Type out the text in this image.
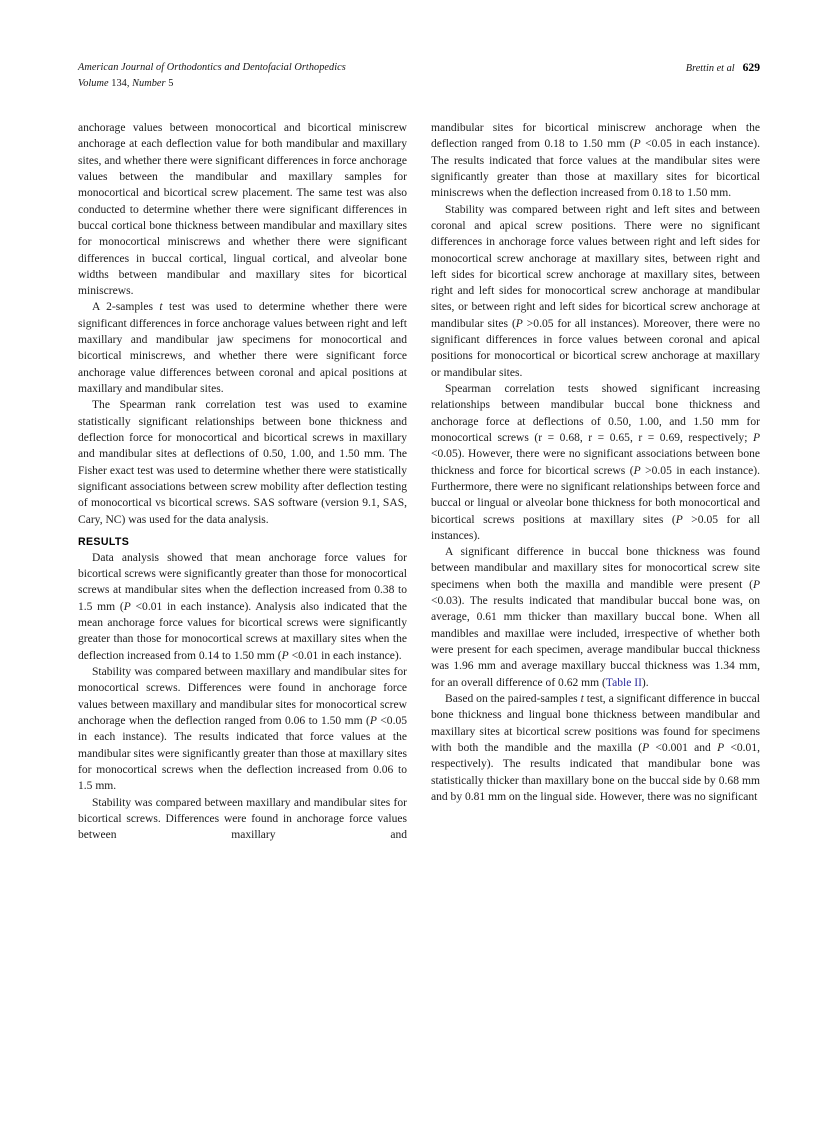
American Journal of Orthodontics and Dentofacial Orthopedics
Volume 134, Number 5
Brettin et al 629

anchorage values between monocortical and bicortical miniscrew anchorage at each deflection value for both mandibular and maxillary sites, and whether there were significant differences in force anchorage values between the mandibular and maxillary samples for monocortical and bicortical screw placement. The same test was also conducted to determine whether there were significant differences in buccal cortical bone thickness between mandibular and maxillary sites for monocortical miniscrews and whether there were significant differences in buccal cortical, lingual cortical, and alveolar bone widths between mandibular and maxillary sites for bicortical miniscrews.

A 2-samples t test was used to determine whether there were significant differences in force anchorage values between right and left maxillary and mandibular jaw specimens for monocortical and bicortical miniscrews, and whether there were significant force anchorage value differences between coronal and apical positions at maxillary and mandibular sites.

The Spearman rank correlation test was used to examine statistically significant relationships between bone thickness and deflection force for monocortical and bicortical screws in maxillary and mandibular sites at deflections of 0.50, 1.00, and 1.50 mm. The Fisher exact test was used to determine whether there were statistically significant associations between screw mobility after deflection testing of monocortical vs bicortical screws. SAS software (version 9.1, SAS, Cary, NC) was used for the data analysis.

RESULTS

Data analysis showed that mean anchorage force values for bicortical screws were significantly greater than those for monocortical screws at mandibular sites when the deflection increased from 0.38 to 1.5 mm (P <0.01 in each instance). Analysis also indicated that the mean anchorage force values for bicortical screws were significantly greater than those for monocortical screws at maxillary sites when the deflection increased from 0.14 to 1.50 mm (P <0.01 in each instance).

Stability was compared between maxillary and mandibular sites for monocortical screws. Differences were found in anchorage force values between maxillary and mandibular sites for monocortical screw anchorage when the deflection ranged from 0.06 to 1.50 mm (P <0.05 in each instance). The results indicated that force values at the mandibular sites were significantly greater than those at maxillary sites for monocortical screws when the deflection increased from 0.06 to 1.5 mm.

Stability was compared between maxillary and mandibular sites for bicortical screws. Differences were found in anchorage force values between maxillary and

mandibular sites for bicortical miniscrew anchorage when the deflection ranged from 0.18 to 1.50 mm (P <0.05 in each instance). The results indicated that force values at the mandibular sites were significantly greater than those at maxillary sites for bicortical miniscrews when the deflection increased from 0.18 to 1.50 mm.

Stability was compared between right and left sites and between coronal and apical screw positions. There were no significant differences in anchorage force values between right and left sides for monocortical screw anchorage at maxillary sites, between right and left sides for bicortical screw anchorage at maxillary sites, between right and left sides for monocortical screw anchorage at mandibular sites, or between right and left sides for bicortical screw anchorage at mandibular sites (P >0.05 for all instances). Moreover, there were no significant differences in force values between coronal and apical positions for monocortical or bicortical screw anchorage at maxillary or mandibular sites.

Spearman correlation tests showed significant increasing relationships between mandibular buccal bone thickness and anchorage force at deflections of 0.50, 1.00, and 1.50 mm for monocortical screws (r = 0.68, r = 0.65, r = 0.69, respectively; P <0.05). However, there were no significant associations between bone thickness and force for bicortical screws (P >0.05 in each instance). Furthermore, there were no significant relationships between force and buccal or lingual or alveolar bone thickness for both monocortical and bicortical screws positions at maxillary sites (P >0.05 for all instances).

A significant difference in buccal bone thickness was found between mandibular and maxillary sites for monocortical screw site specimens when both the maxilla and mandible were present (P <0.03). The results indicated that mandibular buccal bone was, on average, 0.61 mm thicker than maxillary buccal bone. When all mandibles and maxillae were included, irrespective of whether both were present for each specimen, average mandibular buccal thickness was 1.96 mm and average maxillary buccal thickness was 1.34 mm, for an overall difference of 0.62 mm (Table II).

Based on the paired-samples t test, a significant difference in buccal bone thickness and lingual bone thickness between mandibular and maxillary sites at bicortical screw positions was found for specimens with both the mandible and the maxilla (P <0.001 and P <0.01, respectively). The results indicated that mandibular bone was statistically thicker than maxillary bone on the buccal side by 0.68 mm and by 0.81 mm on the lingual side. However, there was no significant
